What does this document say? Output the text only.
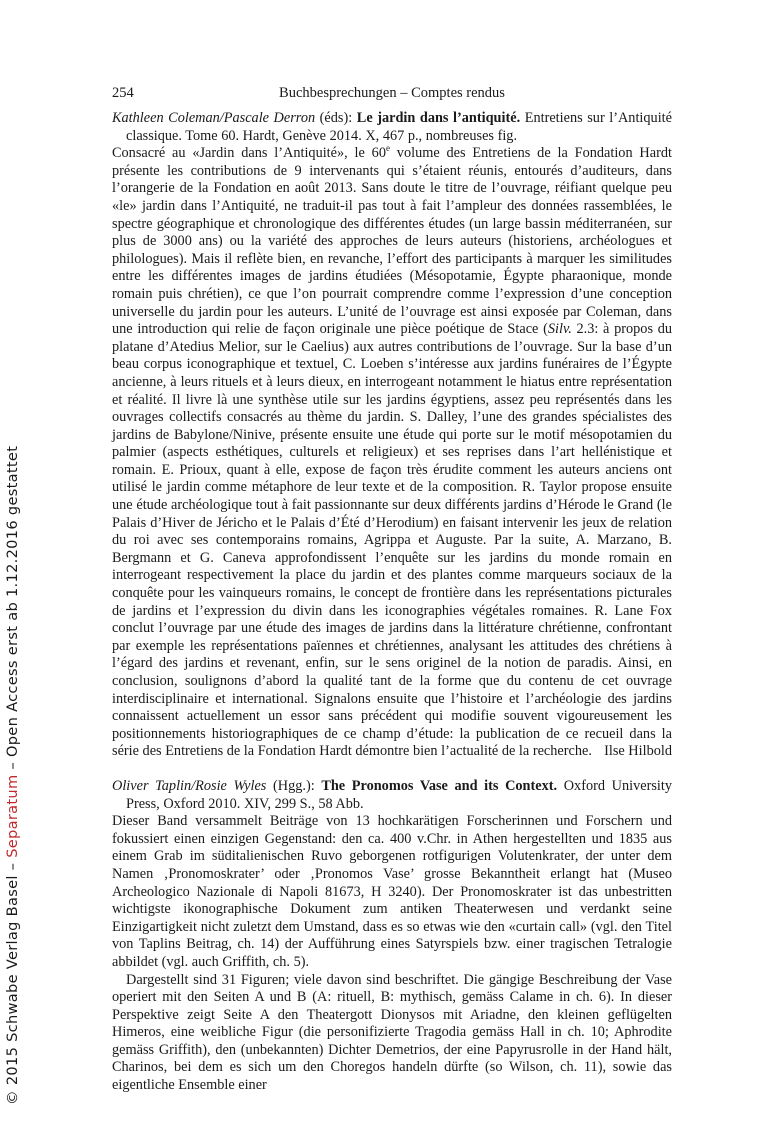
254	Buchbesprechungen – Comptes rendus

Kathleen Coleman/Pascale Derron (éds): Le jardin dans l’antiquité. Entretiens sur l’Antiquité classique. Tome 60. Hardt, Genève 2014. X, 467 p., nombreuses fig.

Consacré au «Jardin dans l’Antiquité», le 60e volume des Entretiens de la Fondation Hardt présente les contributions de 9 intervenants qui s’étaient réunis, entourés d’auditeurs, dans l’orangerie de la Fondation en août 2013. Sans doute le titre de l’ouvrage, réifiant quelque peu «le» jardin dans l’Antiquité, ne traduit-il pas tout à fait l’ampleur des données rassemblées, le spectre géographique et chronologique des différentes études (un large bassin méditerranéen, sur plus de 3000 ans) ou la variété des approches de leurs auteurs (historiens, archéologues et philologues). Mais il reflète bien, en revanche, l’effort des participants à marquer les similitudes entre les différentes images de jardins étudiées (Mésopotamie, Égypte pharaonique, monde romain puis chrétien), ce que l’on pourrait comprendre comme l’expression d’une conception universelle du jardin pour les auteurs. L’unité de l’ouvrage est ainsi exposée par Coleman, dans une introduction qui relie de façon originale une pièce poétique de Stace (Silv. 2.3: à propos du platane d’Atedius Melior, sur le Caelius) aux autres contributions de l’ouvrage. Sur la base d’un beau corpus iconographique et textuel, C. Loeben s’intéresse aux jardins funéraires de l’Égypte ancienne, à leurs rituels et à leurs dieux, en interrogeant notamment le hiatus entre représentation et réalité. Il livre là une synthèse utile sur les jardins égyptiens, assez peu représentés dans les ouvrages collectifs consacrés au thème du jardin. S. Dalley, l’une des grandes spécialistes des jardins de Babylone/Ninive, présente ensuite une étude qui porte sur le motif mésopotamien du palmier (aspects esthétiques, culturels et religieux) et ses reprises dans l’art hellénistique et romain. E. Prioux, quant à elle, expose de façon très érudite comment les auteurs anciens ont utilisé le jardin comme métaphore de leur texte et de la composition. R. Taylor propose ensuite une étude archéologique tout à fait passionnante sur deux différents jardins d’Hérode le Grand (le Palais d’Hiver de Jéricho et le Palais d’Été d’Herodium) en faisant intervenir les jeux de relation du roi avec ses contemporains romains, Agrippa et Auguste. Par la suite, A. Marzano, B. Bergmann et G. Caneva approfondissent l’enquête sur les jardins du monde romain en interrogeant respectivement la place du jardin et des plantes comme marqueurs sociaux de la conquête pour les vainqueurs romains, le concept de frontière dans les représentations picturales de jardins et l’expression du divin dans les iconographies végétales romaines. R. Lane Fox conclut l’ouvrage par une étude des images de jardins dans la littérature chrétienne, confrontant par exemple les représentations païennes et chrétiennes, analysant les attitudes des chrétiens à l’égard des jardins et revenant, enfin, sur le sens originel de la notion de paradis. Ainsi, en conclusion, soulignons d’abord la qualité tant de la forme que du contenu de cet ouvrage interdisciplinaire et international. Signalons ensuite que l’histoire et l’archéologie des jardins connaissent actuellement un essor sans précédent qui modifie souvent vigoureusement les positionnements historiographiques de ce champ d’étude: la publication de ce recueil dans la série des Entretiens de la Fondation Hardt démontre bien l’actualité de la recherche. Ilse Hilbold

Oliver Taplin/Rosie Wyles (Hgg.): The Pronomos Vase and its Context. Oxford University Press, Oxford 2010. XIV, 299 S., 58 Abb.

Dieser Band versammelt Beiträge von 13 hochkarätigen Forscherinnen und Forschern und fokussiert einen einzigen Gegenstand: den ca. 400 v.Chr. in Athen hergestellten und 1835 aus einem Grab im süditalienischen Ruvo geborgenen rotfigurigen Volutenkrater, der unter dem Namen ‚Pronomoskrater’ oder ‚Pronomos Vase’ grosse Bekanntheit erlangt hat (Museo Archeologico Nazionale di Napoli 81673, H 3240). Der Pronomoskrater ist das unbestritten wichtigste ikonographische Dokument zum antiken Theaterwesen und verdankt seine Einzigartigkeit nicht zuletzt dem Umstand, dass es so etwas wie den «curtain call» (vgl. den Titel von Taplins Beitrag, ch. 14) der Aufführung eines Satyrspiels bzw. einer tragischen Tetralogie abbildet (vgl. auch Griffith, ch. 5).

Dargestellt sind 31 Figuren; viele davon sind beschriftet. Die gängige Beschreibung der Vase operiert mit den Seiten A und B (A: rituell, B: mythisch, gemäss Calame in ch. 6). In dieser Perspektive zeigt Seite A den Theatergott Dionysos mit Ariadne, den kleinen geflügelten Himeros, eine weibliche Figur (die personifizierte Tragodia gemäss Hall in ch. 10; Aphrodite gemäss Griffith), den (unbekannten) Dichter Demetrios, der eine Papyrusrolle in der Hand hält, Charinos, bei dem es sich um den Choregos handeln dürfte (so Wilson, ch. 11), sowie das eigentliche Ensemble einer

© 2015 Schwabe Verlag Basel – Separatum – Open Access erst ab 1.12.2016 gestattet
